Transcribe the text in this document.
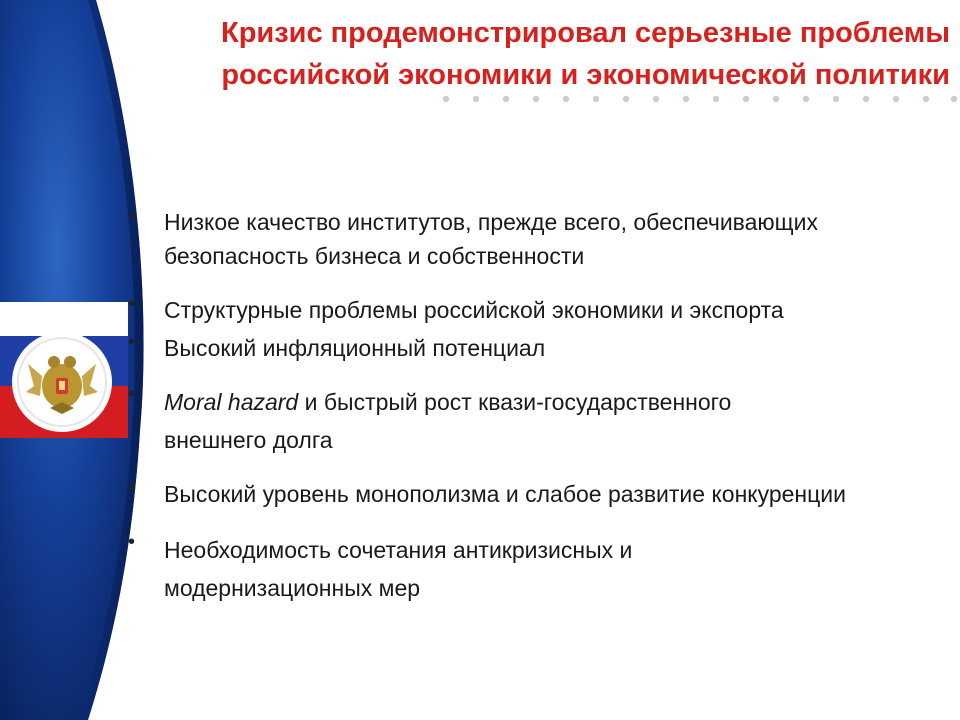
Кризис продемонстрировал серьезные проблемы
российской экономики и экономической политики
•	Низкое качество институтов, прежде всего, обеспечивающих
безопасность бизнеса и собственности
•	Структурные проблемы российской экономики и экспорта
•	Высокий инфляционный потенциал
•	Moral hazard и быстрый рост квази-государственного
внешнего долга
•	Высокий уровень монополизма и слабое развитие конкуренции
•	Необходимость сочетания антикризисных и
модернизационных мер
